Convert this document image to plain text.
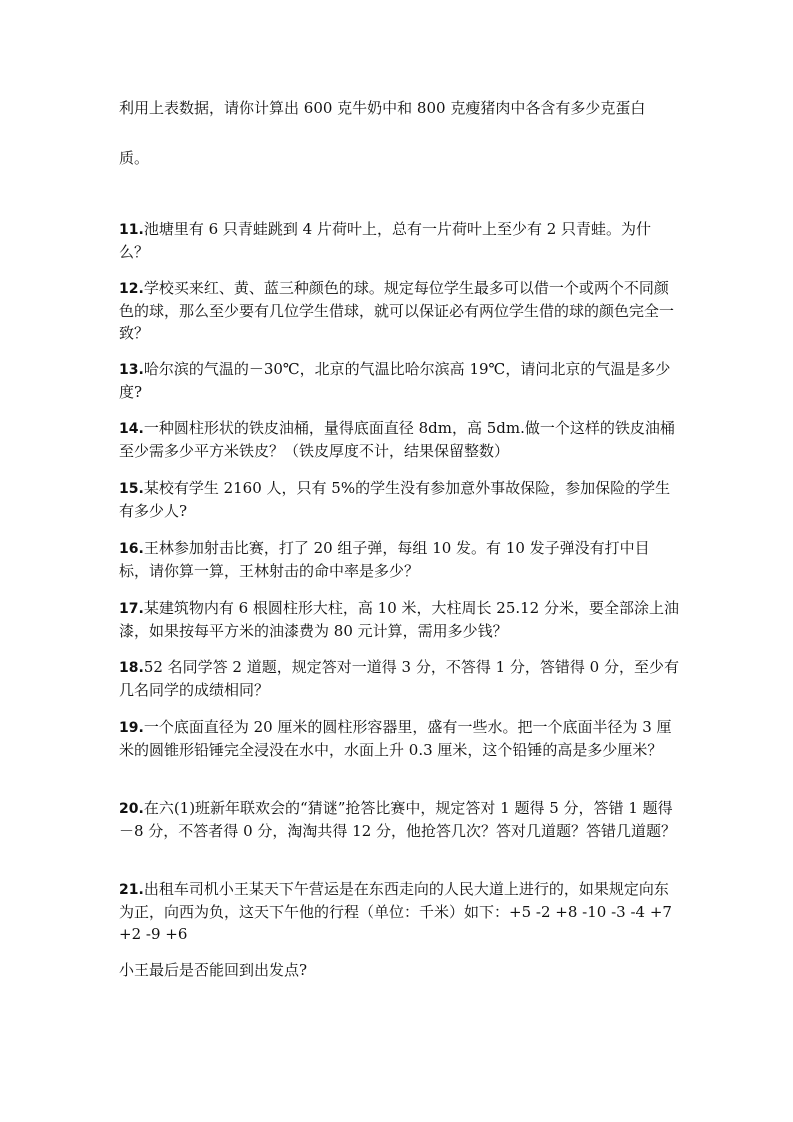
利用上表数据，请你计算出 600 克牛奶中和 800 克瘦猪肉中各含有多少克蛋白

质。

11.池塘里有 6 只青蛙跳到 4 片荷叶上，总有一片荷叶上至少有 2 只青蛙。为什么？

12.学校买来红、黄、蓝三种颜色的球。规定每位学生最多可以借一个或两个不同颜色的球，那么至少要有几位学生借球，就可以保证必有两位学生借的球的颜色完全一致？

13.哈尔滨的气温的－30℃，北京的气温比哈尔滨高 19℃，请问北京的气温是多少度?

14.一种圆柱形状的铁皮油桶，量得底面直径 8dm，高 5dm.做一个这样的铁皮油桶至少需多少平方米铁皮？（铁皮厚度不计，结果保留整数）

15.某校有学生 2160 人，只有 5%的学生没有参加意外事故保险，参加保险的学生有多少人?

16.王林参加射击比赛，打了 20 组子弹，每组 10 发。有 10 发子弹没有打中目标，请你算一算，王林射击的命中率是多少？

17.某建筑物内有 6 根圆柱形大柱，高 10 米，大柱周长 25.12 分米，要全部涂上油漆，如果按每平方米的油漆费为 80 元计算，需用多少钱？

18.52 名同学答 2 道题，规定答对一道得 3 分，不答得 1 分，答错得 0 分，至少有几名同学的成绩相同？

19.一个底面直径为 20 厘米的圆柱形容器里，盛有一些水。把一个底面半径为 3 厘米的圆锥形铅锤完全浸没在水中，水面上升 0.3 厘米，这个铅锤的高是多少厘米？

20.在六(1)班新年联欢会的“猜谜”抢答比赛中，规定答对 1 题得 5 分，答错 1 题得－8 分，不答者得 0 分，淘淘共得 12 分，他抢答几次？答对几道题？答错几道题？

21.出租车司机小王某天下午营运是在东西走向的人民大道上进行的，如果规定向东为正，向西为负，这天下午他的行程（单位：千米）如下：+5 -2 +8 -10 -3 -4 +7 +2 -9 +6

小王最后是否能回到出发点?
